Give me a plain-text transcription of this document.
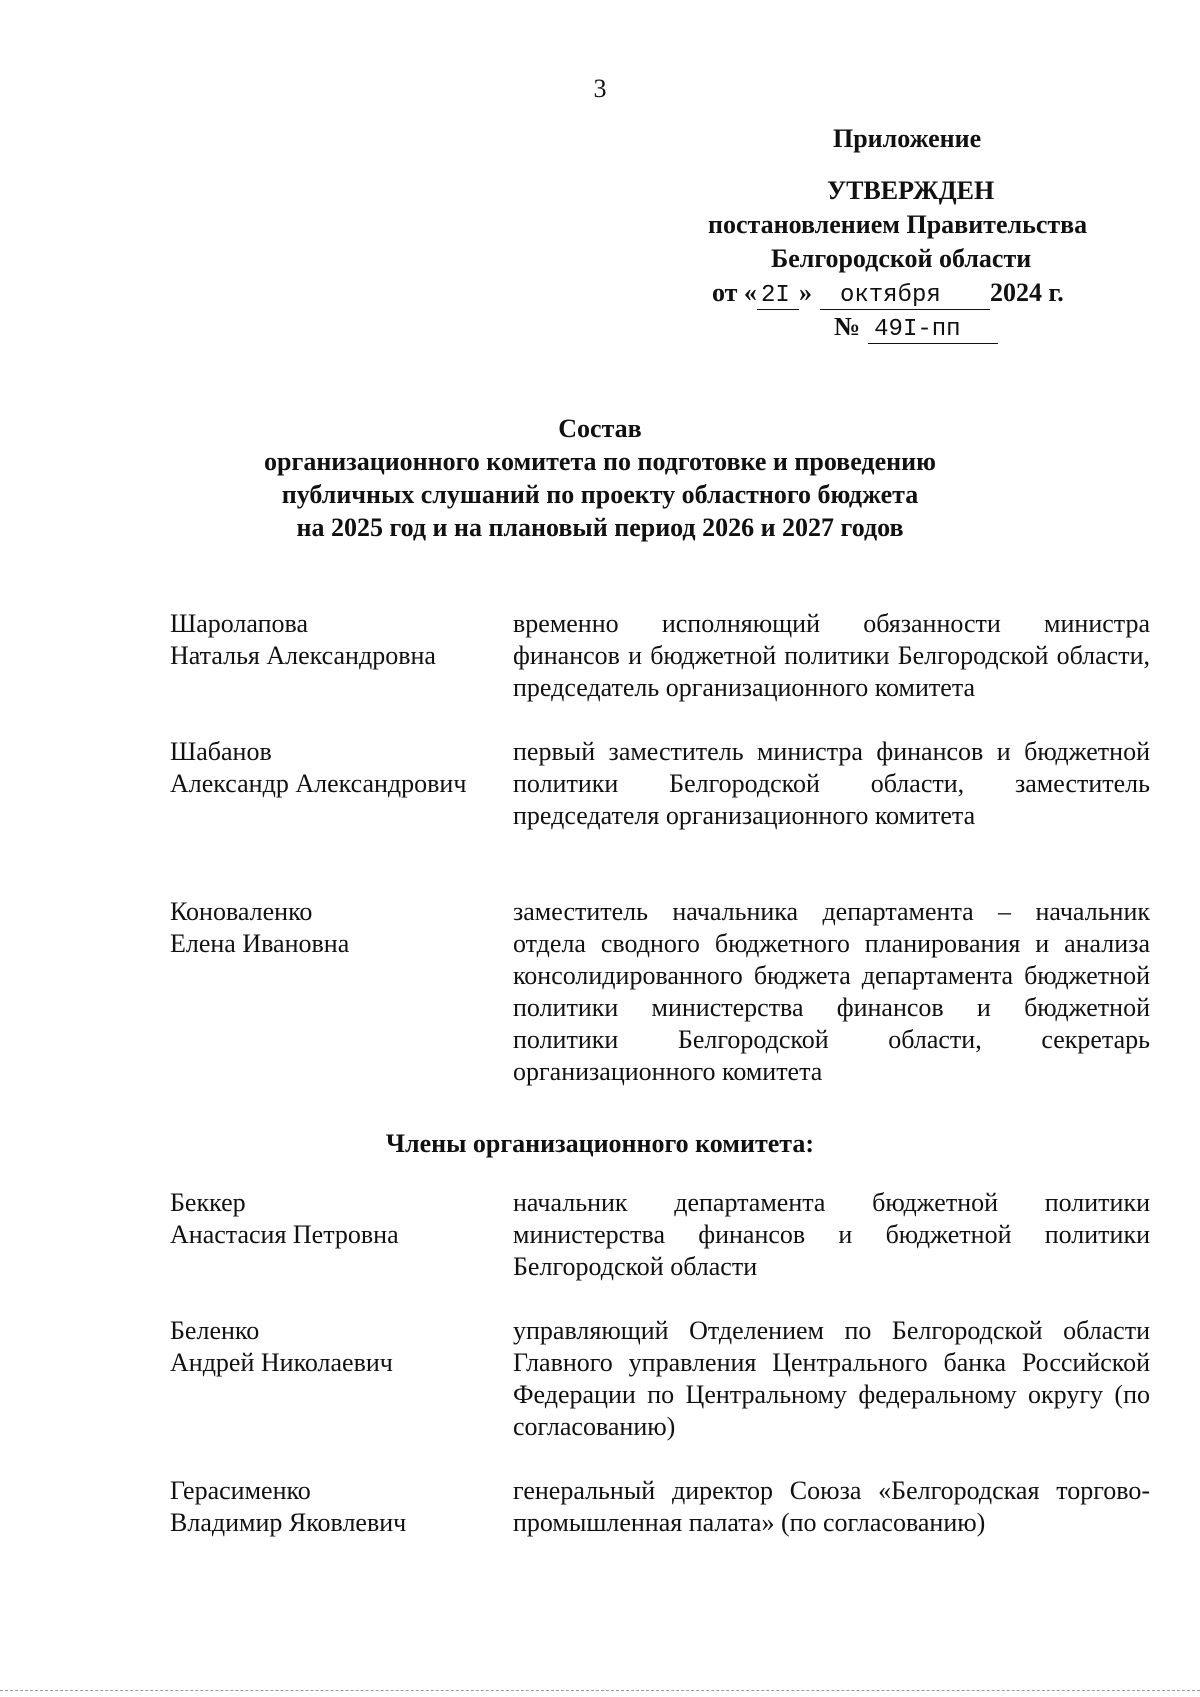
3
Приложение
УТВЕРЖДЕН
постановлением Правительства
Белгородской области
от « 2I » октября 2024 г.
№ 49I-пп
Состав
организационного комитета по подготовке и проведению
публичных слушаний по проекту областного бюджета
на 2025 год и на плановый период 2026 и 2027 годов
Шаролапова
Наталья Александровна
временно исполняющий обязанности министра финансов и бюджетной политики Белгородской области, председатель организационного комитета
Шабанов
Александр Александрович
первый заместитель министра финансов и бюджетной политики Белгородской области, заместитель председателя организационного комитета
Коноваленко
Елена Ивановна
заместитель начальника департамента – начальник отдела сводного бюджетного планирования и анализа консолидированного бюджета департамента бюджетной политики министерства финансов и бюджетной политики Белгородской области, секретарь организационного комитета
Члены организационного комитета:
Беккер
Анастасия Петровна
начальник департамента бюджетной политики министерства финансов и бюджетной политики Белгородской области
Беленко
Андрей Николаевич
управляющий Отделением по Белгородской области Главного управления Центрального банка Российской Федерации по Центральному федеральному округу (по согласованию)
Герасименко
Владимир Яковлевич
генеральный директор Союза «Белгородская торгово-промышленная палата» (по согласованию)
